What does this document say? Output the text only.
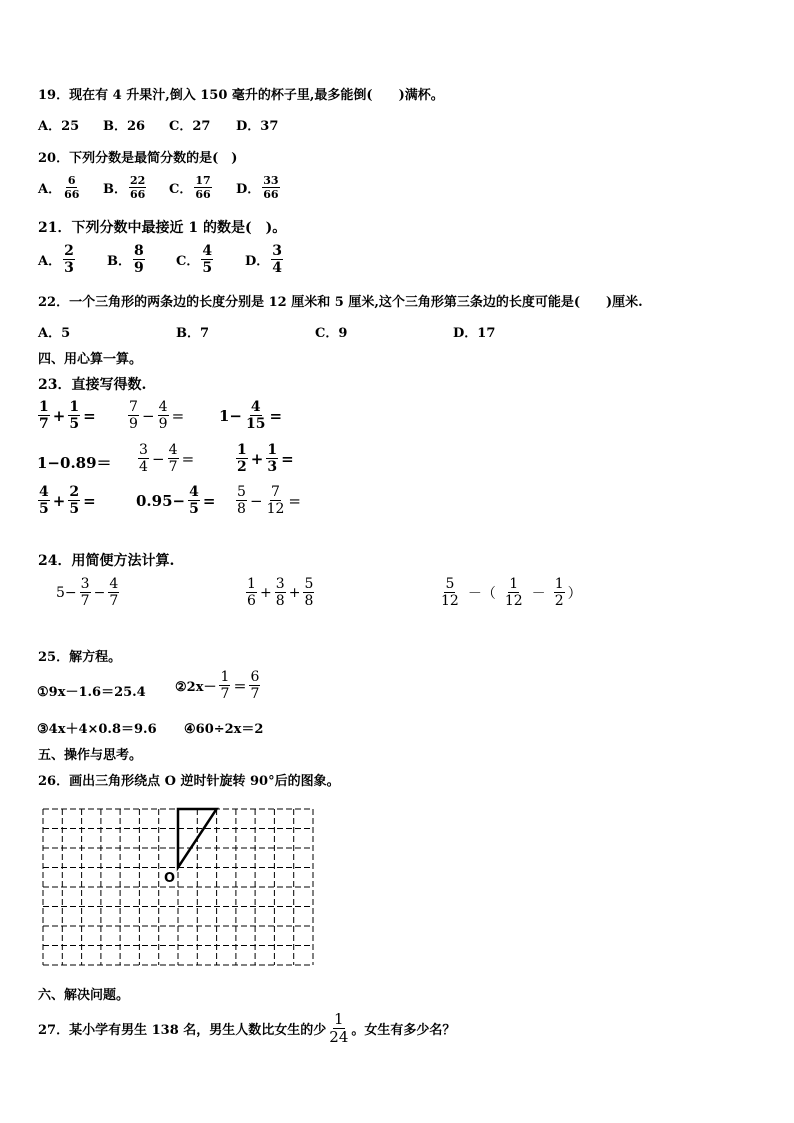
19．现在有 4 升果汁,倒入 150 毫升的杯子里,最多能倒(　　)满杯。
A．25 B．26 C．27 D．37
20．下列分数是最简分数的是(　)
A． $\frac{6}{66}$ B． $\frac{22}{66}$ C． $\frac{17}{66}$ D． $\frac{33}{66}$
21．下列分数中最接近 1 的数是(　)。
A． $\frac{2}{3}$ B． $\frac{8}{9}$ C． $\frac{4}{5}$ D． $\frac{3}{4}$
22．一个三角形的两条边的长度分别是 12 厘米和 5 厘米,这个三角形第三条边的长度可能是(　　)厘米.
A．5	B．7	C．9	D．17
四、用心算一算。
23．直接写得数.
$\frac{1}{7} + \frac{1}{5} = \frac{7}{9} - \frac{4}{9} = 1- \frac{4}{15}$ =
$1-0.89= \frac{3}{4} - \frac{4}{7}$ =	$\frac{1}{2} + \frac{1}{3}$ =
$\frac{4}{5} + \frac{2}{5}$ =	$0.95- \frac{4}{5} = \frac{5}{8} - \frac{7}{12}$ =
24．用简便方法计算.
$5- \frac{3}{7} - \frac{4}{7}$	$\frac{1}{6} + \frac{3}{8} + \frac{5}{8}$	$\frac{5}{12}$ －（ $\frac{1}{12} - \frac{1}{2}$ ）
25．解方程。
①9x－1.6＝25.4 ②2x－ $\frac{1}{7} = \frac{6}{7}$
③4x＋4×0.8＝9.6 ④60÷2x＝2
五、操作与思考。
26．画出三角形绕点 O 逆时针旋转 90°后的图象。
O
六、解决问题。
27．某小学有男生 138 名，男生人数比女生的少 $\frac{1}{24}$ 。女生有多少名？
